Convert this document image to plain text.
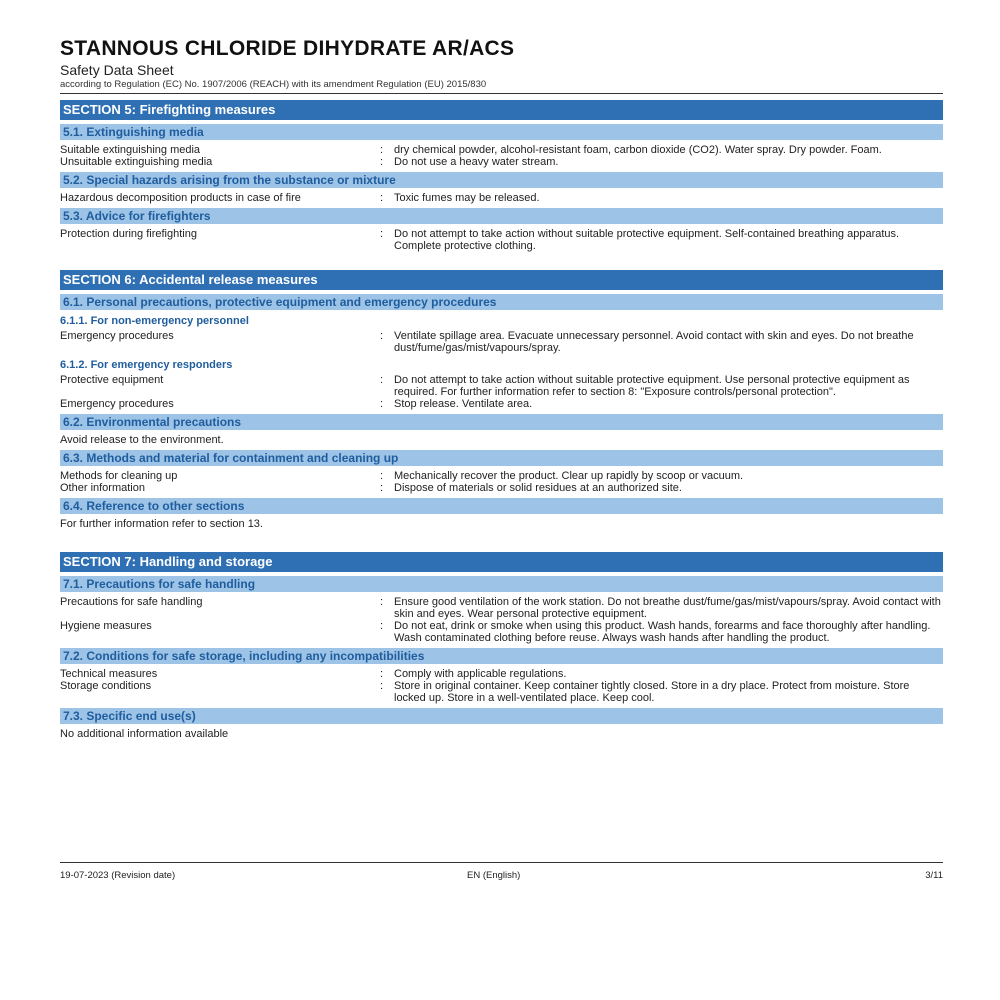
STANNOUS CHLORIDE DIHYDRATE AR/ACS
Safety Data Sheet
according to Regulation (EC) No. 1907/2006 (REACH) with its amendment Regulation (EU) 2015/830
SECTION 5: Firefighting measures
5.1. Extinguishing media
Suitable extinguishing media	: dry chemical powder, alcohol-resistant foam, carbon dioxide (CO2). Water spray. Dry powder. Foam.
Unsuitable extinguishing media	: Do not use a heavy water stream.
5.2. Special hazards arising from the substance or mixture
Hazardous decomposition products in case of fire	: Toxic fumes may be released.
5.3. Advice for firefighters
Protection during firefighting	: Do not attempt to take action without suitable protective equipment. Self-contained breathing apparatus. Complete protective clothing.
SECTION 6: Accidental release measures
6.1. Personal precautions, protective equipment and emergency procedures
6.1.1. For non-emergency personnel
Emergency procedures	: Ventilate spillage area. Evacuate unnecessary personnel. Avoid contact with skin and eyes. Do not breathe dust/fume/gas/mist/vapours/spray.
6.1.2. For emergency responders
Protective equipment	: Do not attempt to take action without suitable protective equipment. Use personal protective equipment as required. For further information refer to section 8: "Exposure controls/personal protection".
Emergency procedures	: Stop release. Ventilate area.
6.2. Environmental precautions
Avoid release to the environment.
6.3. Methods and material for containment and cleaning up
Methods for cleaning up	: Mechanically recover the product. Clear up rapidly by scoop or vacuum.
Other information	: Dispose of materials or solid residues at an authorized site.
6.4. Reference to other sections
For further information refer to section 13.
SECTION 7: Handling and storage
7.1. Precautions for safe handling
Precautions for safe handling	: Ensure good ventilation of the work station. Do not breathe dust/fume/gas/mist/vapours/spray. Avoid contact with skin and eyes. Wear personal protective equipment.
Hygiene measures	: Do not eat, drink or smoke when using this product. Wash hands, forearms and face thoroughly after handling. Wash contaminated clothing before reuse. Always wash hands after handling the product.
7.2. Conditions for safe storage, including any incompatibilities
Technical measures	: Comply with applicable regulations.
Storage conditions	: Store in original container. Keep container tightly closed. Store in a dry place. Protect from moisture. Store locked up. Store in a well-ventilated place. Keep cool.
7.3. Specific end use(s)
No additional information available
19-07-2023 (Revision date)	EN (English)	3/11
